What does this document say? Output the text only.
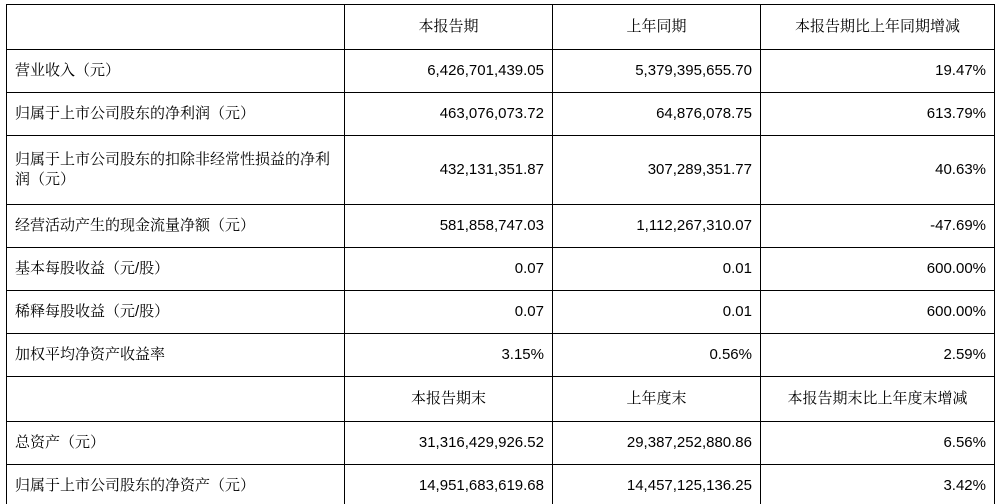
	本报告期	上年同期	本报告期比上年同期增减
营业收入（元）	6,426,701,439.05	5,379,395,655.70	19.47%
归属于上市公司股东的净利润（元）	463,076,073.72	64,876,078.75	613.79%
归属于上市公司股东的扣除非经常性损益的净利润（元）	432,131,351.87	307,289,351.77	40.63%
经营活动产生的现金流量净额（元）	581,858,747.03	1,112,267,310.07	-47.69%
基本每股收益（元/股）	0.07	0.01	600.00%
稀释每股收益（元/股）	0.07	0.01	600.00%
加权平均净资产收益率	3.15%	0.56%	2.59%
	本报告期末	上年度末	本报告期末比上年度末增减
总资产（元）	31,316,429,926.52	29,387,252,880.86	6.56%
归属于上市公司股东的净资产（元）	14,951,683,619.68	14,457,125,136.25	3.42%
